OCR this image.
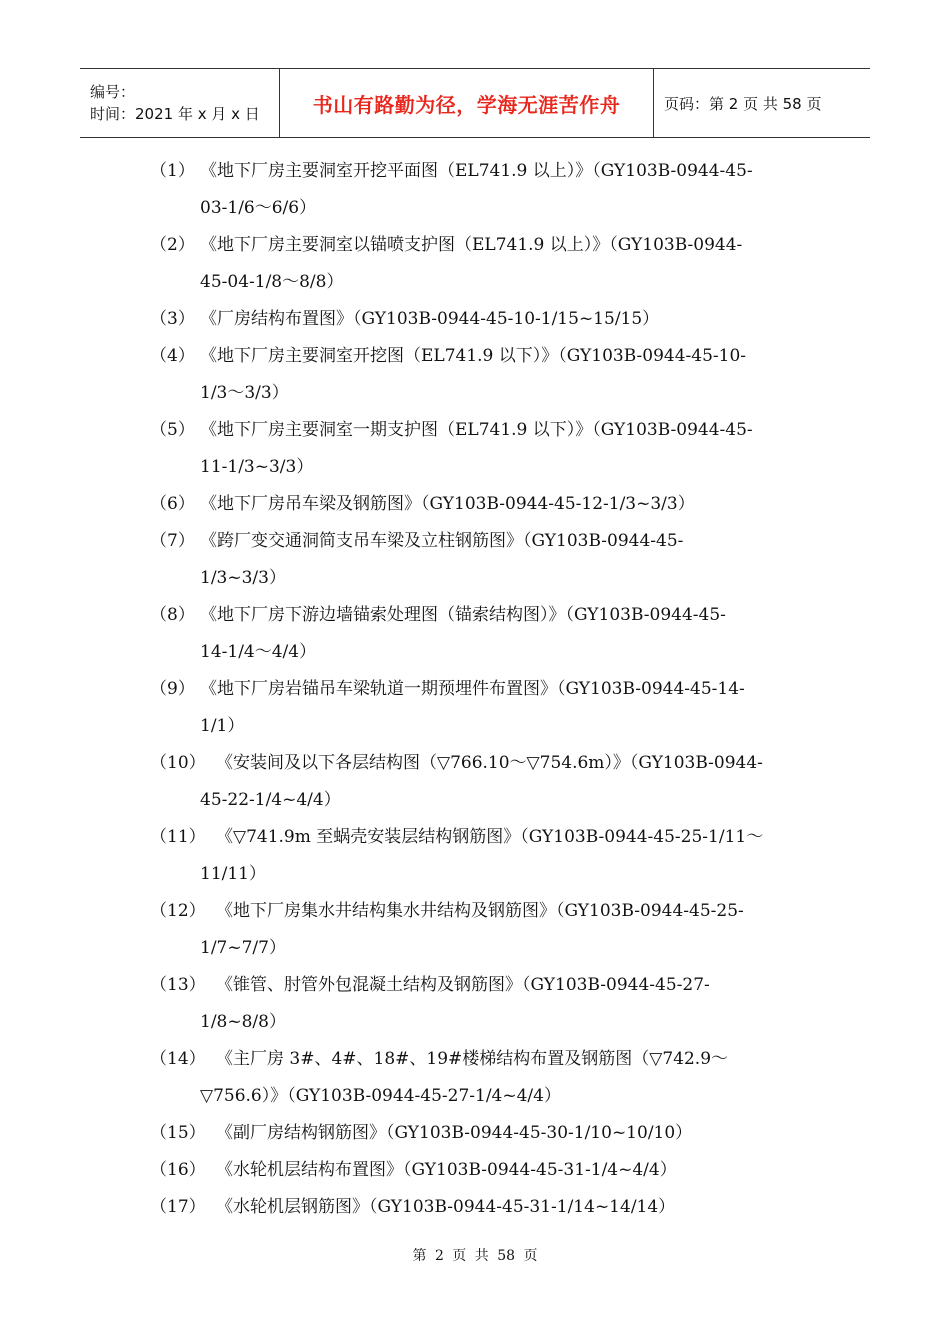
编号：
时间：2021 年 x 月 x 日	书山有路勤为径，学海无涯苦作舟	页码：第 2 页 共 58 页
（1） 《地下厂房主要洞室开挖平面图（EL741.9 以上）》（GY103B-0944-45-
03-1/6～6/6）
（2） 《地下厂房主要洞室以锚喷支护图（EL741.9 以上）》（GY103B-0944-
45-04-1/8～8/8）
（3） 《厂房结构布置图》（GY103B-0944-45-10-1/15~15/15）
（4） 《地下厂房主要洞室开挖图（EL741.9 以下）》（GY103B-0944-45-10-
1/3～3/3）
（5） 《地下厂房主要洞室一期支护图（EL741.9 以下）》（GY103B-0944-45-
11-1/3~3/3）
（6） 《地下厂房吊车梁及钢筋图》（GY103B-0944-45-12-1/3~3/3）
（7） 《跨厂变交通洞简支吊车梁及立柱钢筋图》（GY103B-0944-45-
1/3~3/3）
（8） 《地下厂房下游边墙锚索处理图（锚索结构图）》（GY103B-0944-45-
14-1/4～4/4）
（9） 《地下厂房岩锚吊车梁轨道一期预埋件布置图》（GY103B-0944-45-14-
1/1）
（10） 《安装间及以下各层结构图（▽766.10～▽754.6m）》（GY103B-0944-
45-22-1/4~4/4）
（11） 《▽741.9m 至蜗壳安装层结构钢筋图》（GY103B-0944-45-25-1/11～
11/11）
（12） 《地下厂房集水井结构集水井结构及钢筋图》（GY103B-0944-45-25-
1/7~7/7）
（13） 《锥管、肘管外包混凝土结构及钢筋图》（GY103B-0944-45-27-
1/8~8/8）
（14） 《主厂房 3#、4#、18#、19#楼梯结构布置及钢筋图（▽742.9～
▽756.6）》（GY103B-0944-45-27-1/4~4/4）
（15） 《副厂房结构钢筋图》（GY103B-0944-45-30-1/10~10/10）
（16） 《水轮机层结构布置图》（GY103B-0944-45-31-1/4~4/4）
（17） 《水轮机层钢筋图》（GY103B-0944-45-31-1/14~14/14）
第 2 页 共 58 页
